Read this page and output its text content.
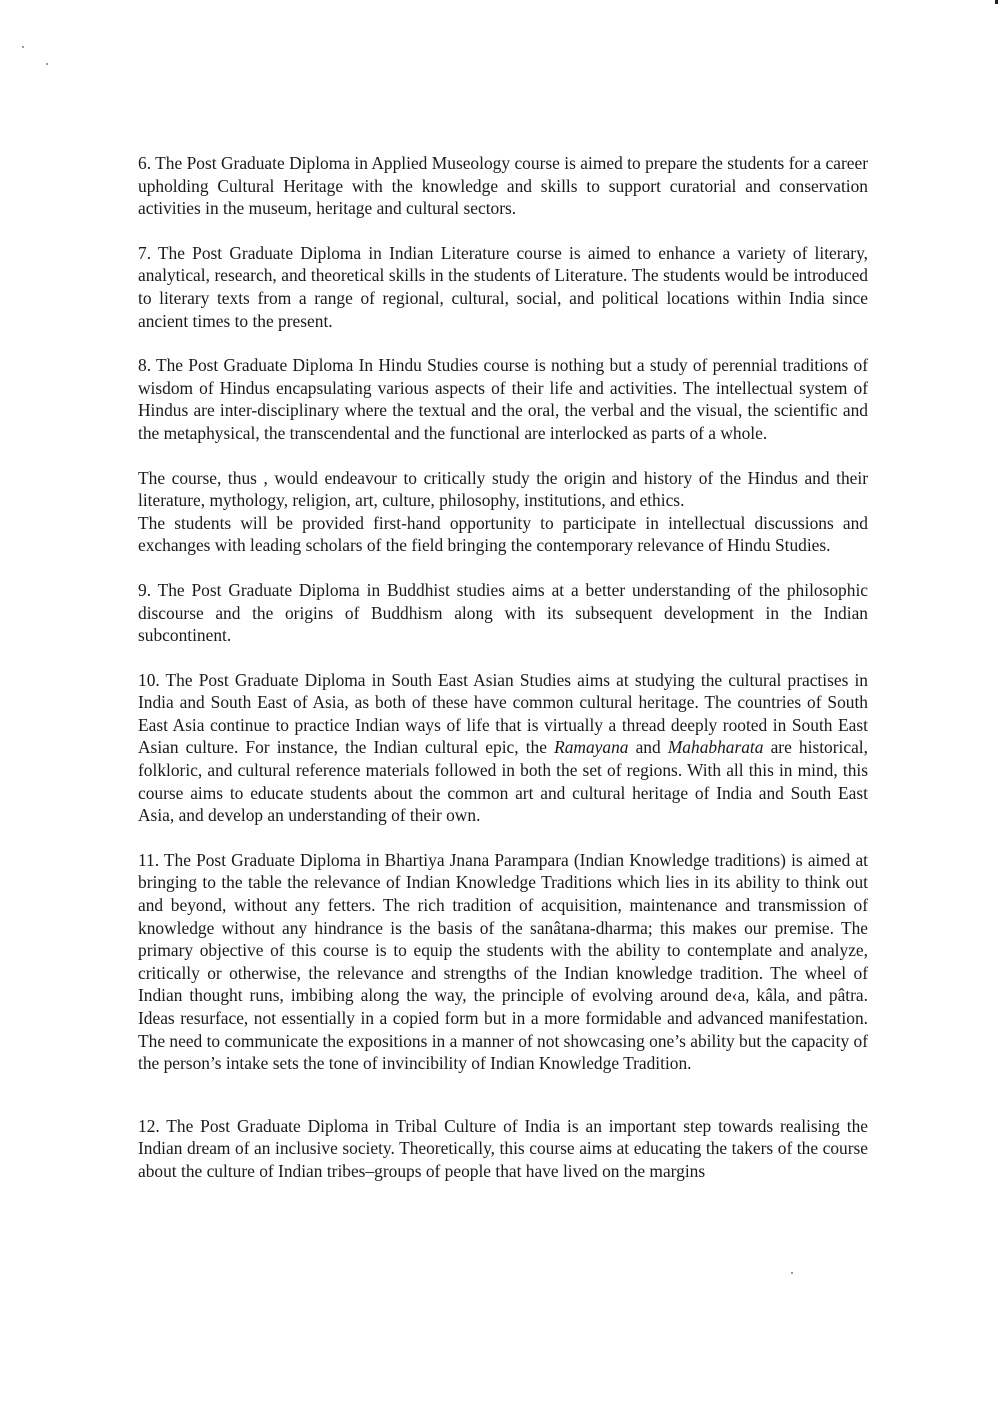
6. The Post Graduate Diploma in Applied Museology course is aimed to prepare the students for a career upholding Cultural Heritage with the knowledge and skills to support curatorial and conservation activities in the museum, heritage and cultural sectors.

7. The Post Graduate Diploma in Indian Literature course is aimed to enhance a variety of literary, analytical, research, and theoretical skills in the students of Literature. The students would be introduced to literary texts from a range of regional, cultural, social, and political locations within India since ancient times to the present.

8. The Post Graduate Diploma In Hindu Studies course is nothing but a study of perennial traditions of wisdom of Hindus encapsulating various aspects of their life and activities. The intellectual system of Hindus are inter-disciplinary where the textual and the oral, the verbal and the visual, the scientific and the metaphysical, the transcendental and the functional are interlocked as parts of a whole.

The course, thus , would endeavour to critically study the origin and history of the Hindus and their literature, mythology, religion, art, culture, philosophy, institutions, and ethics.

The students will be provided first-hand opportunity to participate in intellectual discussions and exchanges with leading scholars of the field bringing the contemporary relevance of Hindu Studies.

9. The Post Graduate Diploma in Buddhist studies aims at a better understanding of the philosophic discourse and the origins of Buddhism along with its subsequent development in the Indian subcontinent.

10. The Post Graduate Diploma in South East Asian Studies aims at studying the cultural practises in India and South East of Asia, as both of these have common cultural heritage. The countries of South East Asia continue to practice Indian ways of life that is virtually a thread deeply rooted in South East Asian culture. For instance, the Indian cultural epic, the Ramayana and Mahabharata are historical, folkloric, and cultural reference materials followed in both the set of regions. With all this in mind, this course aims to educate students about the common art and cultural heritage of India and South East Asia, and develop an understanding of their own.

11. The Post Graduate Diploma in Bhartiya Jnana Parampara (Indian Knowledge traditions) is aimed at bringing to the table the relevance of Indian Knowledge Traditions which lies in its ability to think out and beyond, without any fetters. The rich tradition of acquisition, maintenance and transmission of knowledge without any hindrance is the basis of the sanâtana-dharma; this makes our premise. The primary objective of this course is to equip the students with the ability to contemplate and analyze, critically or otherwise, the relevance and strengths of the Indian knowledge tradition. The wheel of Indian thought runs, imbibing along the way, the principle of evolving around de‹a, kâla, and pâtra. Ideas resurface, not essentially in a copied form but in a more formidable and advanced manifestation. The need to communicate the expositions in a manner of not showcasing one’s ability but the capacity of the person’s intake sets the tone of invincibility of Indian Knowledge Tradition.

12. The Post Graduate Diploma in Tribal Culture of India is an important step towards realising the Indian dream of an inclusive society. Theoretically, this course aims at educating the takers of the course about the culture of Indian tribes–groups of people that have lived on the margins
